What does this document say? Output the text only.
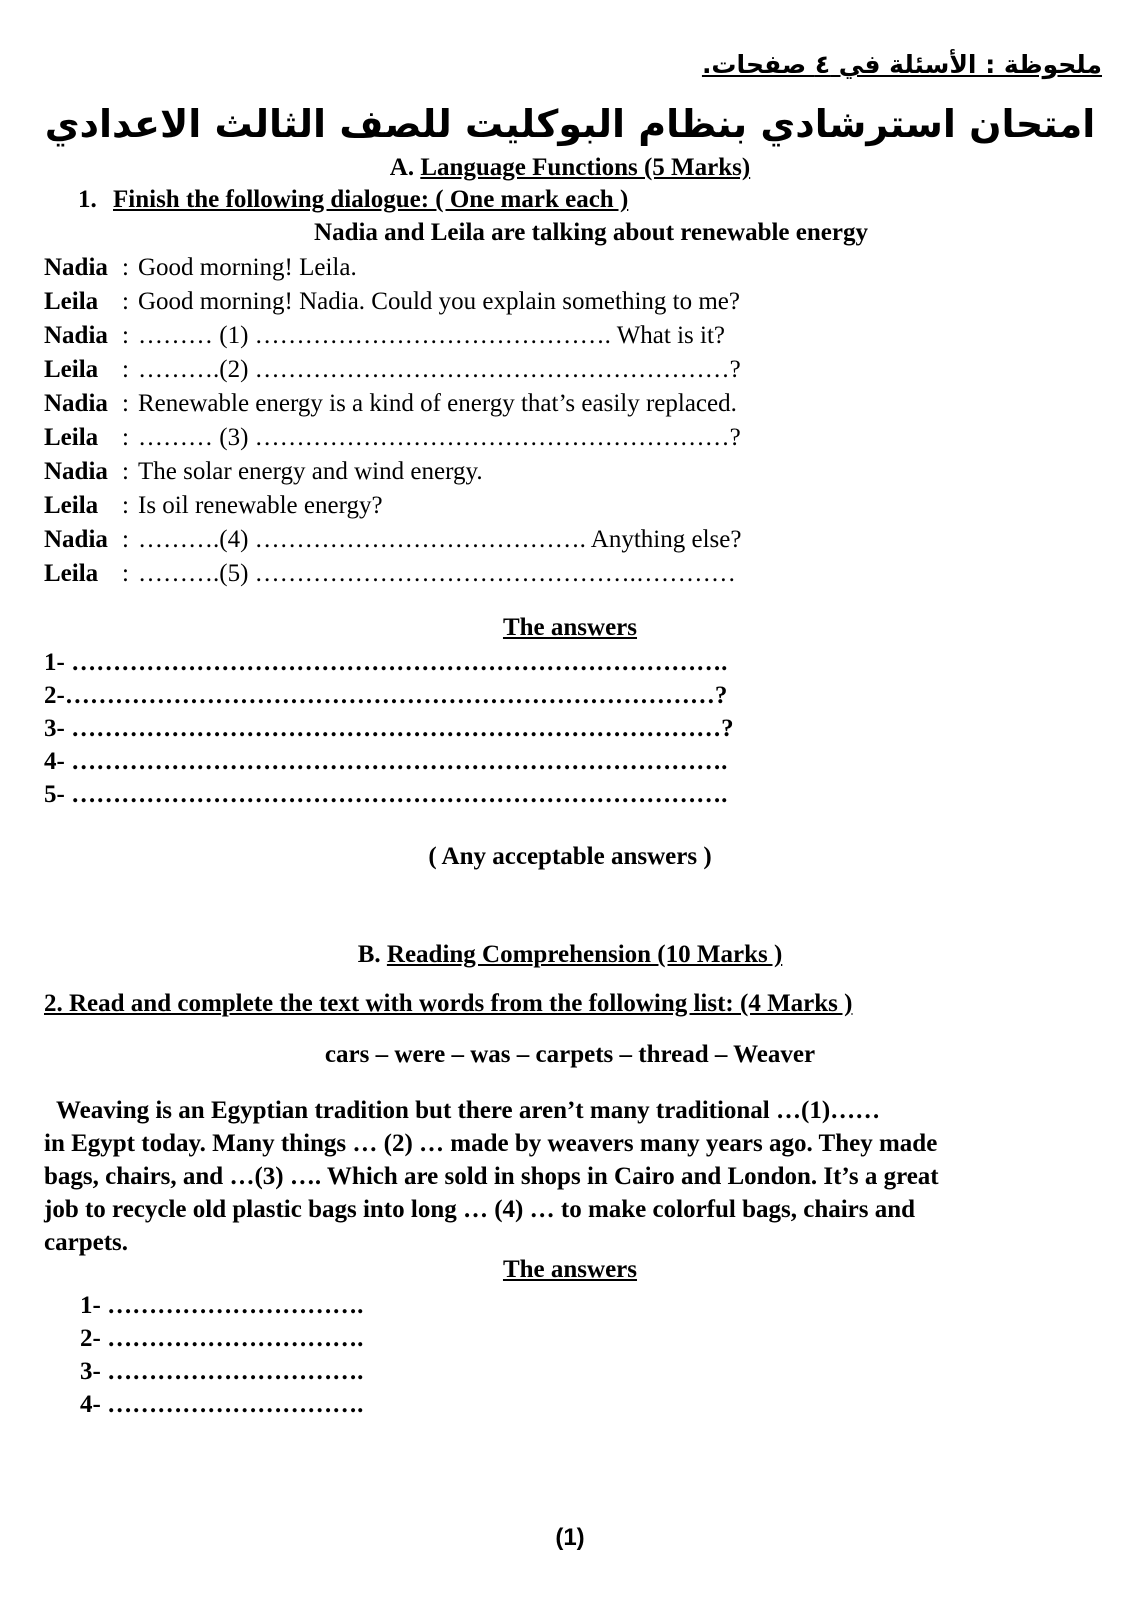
ملحوظة : الأسئلة في ٤ صفحات.
امتحان استرشادي بنظام البوكليت للصف الثالث الاعدادي
A. Language Functions (5 Marks)
1. Finish the following dialogue: ( One mark each )
Nadia and Leila are talking about renewable energy
Nadia : Good morning! Leila.
Leila : Good morning! Nadia. Could you explain something to me?
Nadia : ……… (1) ……………………………………. What is it?
Leila : ……….(2) …………………………………………………?
Nadia : Renewable energy is a kind of energy that’s easily replaced.
Leila : ……… (3) …………………………………………………?
Nadia : The solar energy and wind energy.
Leila : Is oil renewable energy?
Nadia : ……….(4) …………………………………. Anything else?
Leila : ……….(5) ……………………………………….…………
The answers
1- …………………………………………………………………….
2-……………………………………………………………………?
3- ……………………………………………………………………?
4- …………………………………………………………………….
5- …………………………………………………………………….
( Any acceptable answers )
B. Reading Comprehension (10 Marks )
2. Read and complete the text with words from the following list: (4 Marks )
cars – were – was – carpets – thread – Weaver
Weaving is an Egyptian tradition but there aren’t many traditional …(1)……
in Egypt today. Many things … (2) … made by weavers many years ago. They made
bags, chairs, and …(3) …. Which are sold in shops in Cairo and London. It’s a great
job to recycle old plastic bags into long … (4) … to make colorful bags, chairs and
carpets.
The answers
1- ………………………….
2- ………………………….
3- ………………………….
4- ………………………….
(1)
